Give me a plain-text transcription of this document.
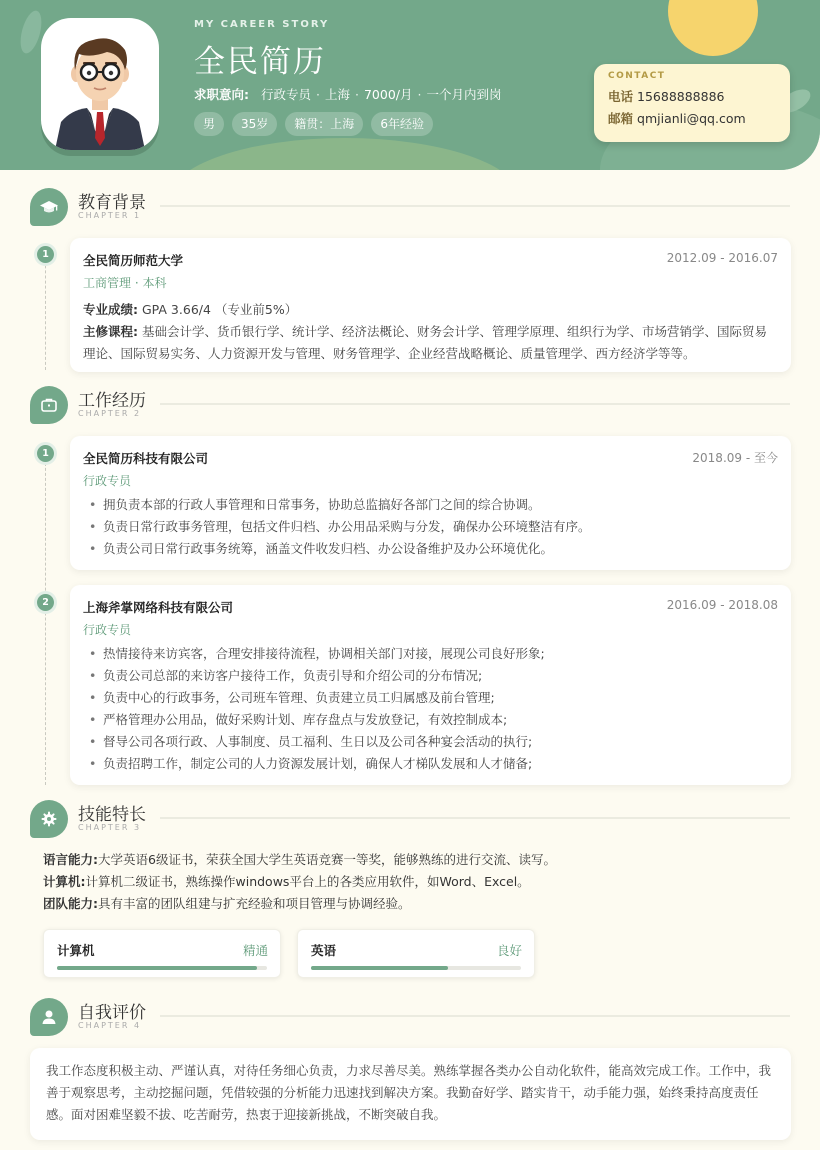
MY CAREER STORY
全民简历
求职意向: 行政专员 · 上海 · 7000/月 · 一个月内到岗
男	35岁	籍贯：上海	6年经验
CONTACT
电话 15688888886
邮箱 qmjianli@qq.com
教育背景
CHAPTER 1
1	全民简历师范大学	2012.09 - 2016.07
工商管理 · 本科
专业成绩: GPA 3.66/4 （专业前5%）
主修课程: 基础会计学、货币银行学、统计学、经济法概论、财务会计学、管理学原理、组织行为学、市场营销学、国际贸易理论、国际贸易实务、人力资源开发与管理、财务管理学、企业经营战略概论、质量管理学、西方经济学等等。
工作经历
CHAPTER 2
1	全民简历科技有限公司	2018.09 - 至今
行政专员
• 拥负责本部的行政人事管理和日常事务，协助总监搞好各部门之间的综合协调。
• 负责日常行政事务管理，包括文件归档、办公用品采购与分发，确保办公环境整洁有序。
• 负责公司日常行政事务统筹，涵盖文件收发归档、办公设备维护及办公环境优化。
2	上海斧掌网络科技有限公司	2016.09 - 2018.08
行政专员
• 热情接待来访宾客，合理安排接待流程，协调相关部门对接，展现公司良好形象;
• 负责公司总部的来访客户接待工作，负责引导和介绍公司的分布情况;
• 负责中心的行政事务，公司班车管理、负责建立员工归属感及前台管理;
• 严格管理办公用品，做好采购计划、库存盘点与发放登记，有效控制成本;
• 督导公司各项行政、人事制度、员工福利、生日以及公司各种宴会活动的执行;
• 负责招聘工作，制定公司的人力资源发展计划，确保人才梯队发展和人才储备;
技能特长
CHAPTER 3
语言能力:大学英语6级证书，荣获全国大学生英语竞赛一等奖，能够熟练的进行交流、读写。
计算机:计算机二级证书，熟练操作windows平台上的各类应用软件，如Word、Excel。
团队能力:具有丰富的团队组建与扩充经验和项目管理与协调经验。
计算机	精通	英语	良好
自我评价
CHAPTER 4
我工作态度积极主动、严谨认真，对待任务细心负责，力求尽善尽美。熟练掌握各类办公自动化软件，能高效完成工作。工作中，我善于观察思考，主动挖掘问题，凭借较强的分析能力迅速找到解决方案。我勤奋好学、踏实肯干，动手能力强，始终秉持高度责任感。面对困难坚毅不拔、吃苦耐劳，热衷于迎接新挑战，不断突破自我。
